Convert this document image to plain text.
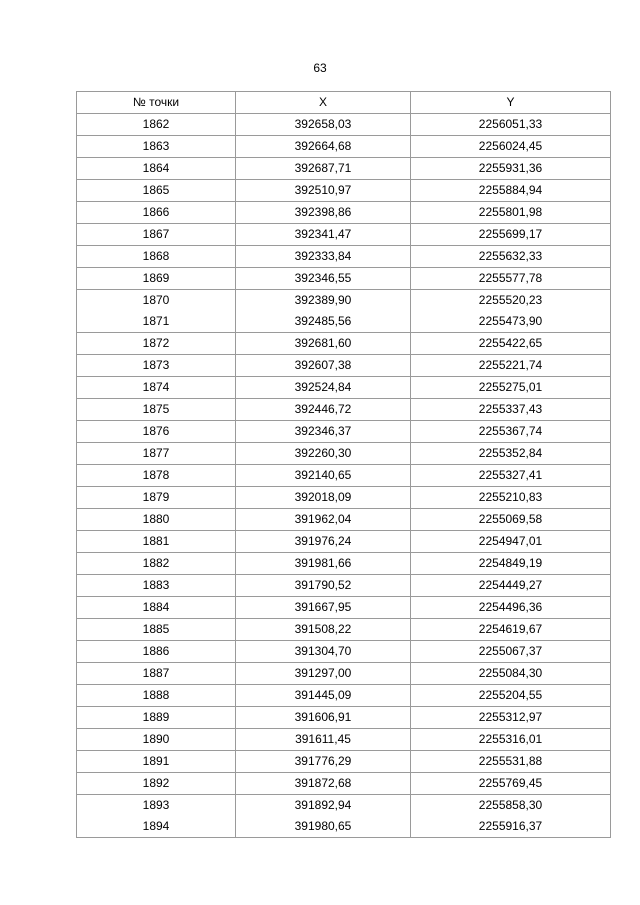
63
№ точки	X	Y
1862	392658,03	2256051,33
1863	392664,68	2256024,45
1864	392687,71	2255931,36
1865	392510,97	2255884,94
1866	392398,86	2255801,98
1867	392341,47	2255699,17
1868	392333,84	2255632,33
1869	392346,55	2255577,78
1870	392389,90	2255520,23
1871	392485,56	2255473,90
1872	392681,60	2255422,65
1873	392607,38	2255221,74
1874	392524,84	2255275,01
1875	392446,72	2255337,43
1876	392346,37	2255367,74
1877	392260,30	2255352,84
1878	392140,65	2255327,41
1879	392018,09	2255210,83
1880	391962,04	2255069,58
1881	391976,24	2254947,01
1882	391981,66	2254849,19
1883	391790,52	2254449,27
1884	391667,95	2254496,36
1885	391508,22	2254619,67
1886	391304,70	2255067,37
1887	391297,00	2255084,30
1888	391445,09	2255204,55
1889	391606,91	2255312,97
1890	391611,45	2255316,01
1891	391776,29	2255531,88
1892	391872,68	2255769,45
1893	391892,94	2255858,30
1894	391980,65	2255916,37
